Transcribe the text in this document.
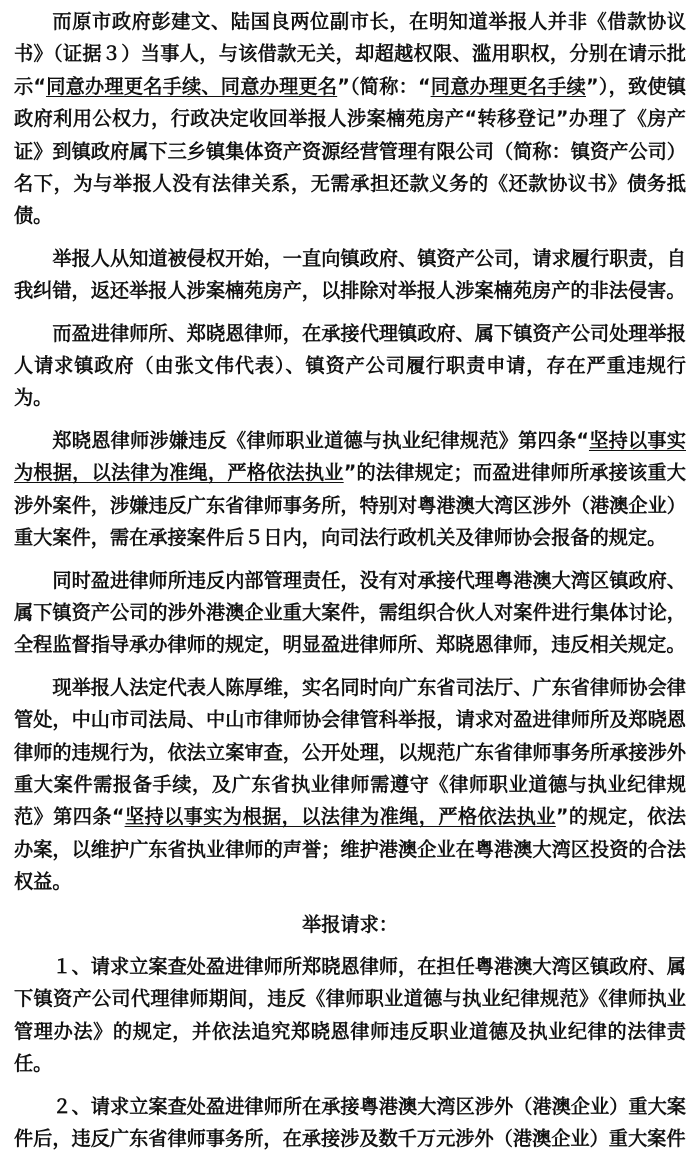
而原市政府彭建文、陆国良两位副市长，在明知道举报人并非《借款协议书》（证据３）当事人，与该借款无关，却超越权限、滥用职权，分别在请示批示“同意办理更名手续、同意办理更名”（简称：“同意办理更名手续”），致使镇政府利用公权力，行政决定收回举报人涉案楠苑房产“转移登记”办理了《房产证》到镇政府属下三乡镇集体资产资源经营管理有限公司（简称：镇资产公司）名下，为与举报人没有法律关系，无需承担还款义务的《还款协议书》债务抵债。
举报人从知道被侵权开始，一直向镇政府、镇资产公司，请求履行职责，自我纠错，返还举报人涉案楠苑房产，以排除对举报人涉案楠苑房产的非法侵害。
而盈进律师所、郑晓恩律师，在承接代理镇政府、属下镇资产公司处理举报人请求镇政府（由张文伟代表）、镇资产公司履行职责申请，存在严重违规行为。
郑晓恩律师涉嫌违反《律师职业道德与执业纪律规范》第四条“坚持以事实为根据，以法律为准绳，严格依法执业”的法律规定；而盈进律师所承接该重大涉外案件，涉嫌违反广东省律师事务所，特别对粤港澳大湾区涉外（港澳企业）重大案件，需在承接案件后５日内，向司法行政机关及律师协会报备的规定。
同时盈进律师所违反内部管理责任，没有对承接代理粤港澳大湾区镇政府、属下镇资产公司的涉外港澳企业重大案件，需组织合伙人对案件进行集体讨论，全程监督指导承办律师的规定，明显盈进律师所、郑晓恩律师，违反相关规定。
现举报人法定代表人陈厚维，实名同时向广东省司法厅、广东省律师协会律管处，中山市司法局、中山市律师协会律管科举报，请求对盈进律师所及郑晓恩律师的违规行为，依法立案审查，公开处理，以规范广东省律师事务所承接涉外重大案件需报备手续，及广东省执业律师需遵守《律师职业道德与执业纪律规范》第四条“坚持以事实为根据，以法律为准绳，严格依法执业”的规定，依法办案，以维护广东省执业律师的声誉；维护港澳企业在粤港澳大湾区投资的合法权益。
举报请求：
１、请求立案查处盈进律师所郑晓恩律师，在担任粤港澳大湾区镇政府、属下镇资产公司代理律师期间，违反《律师职业道德与执业纪律规范》《律师执业管理办法》的规定，并依法追究郑晓恩律师违反职业道德及执业纪律的法律责任。
２、请求立案查处盈进律师所在承接粤港澳大湾区涉外（港澳企业）重大案件后，违反广东省律师事务所，在承接涉及数千万元涉外（港澳企业）重大案件
